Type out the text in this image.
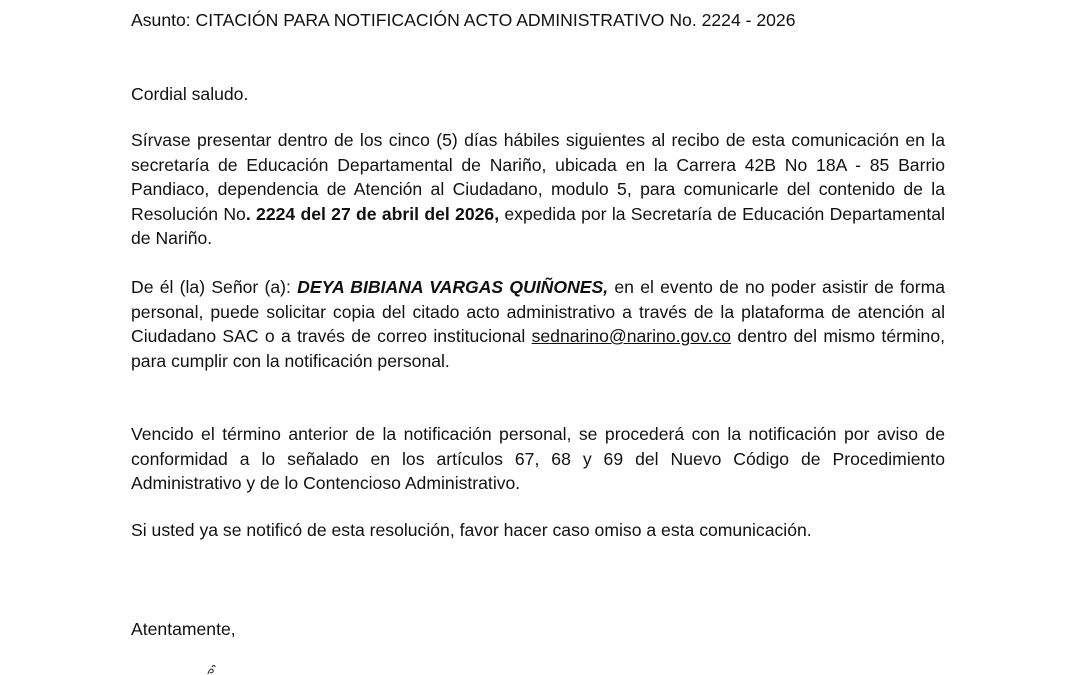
Asunto: CITACIÓN PARA NOTIFICACIÓN ACTO ADMINISTRATIVO No. 2224 - 2026
Cordial saludo.

Sírvase presentar dentro de los cinco (5) días hábiles siguientes al recibo de esta comunicación en la secretaría de Educación Departamental de Nariño, ubicada en la Carrera 42B No 18A - 85 Barrio Pandiaco, dependencia de Atención al Ciudadano, modulo 5, para comunicarle del contenido de la Resolución No. 2224 del 27 de abril del 2026, expedida por la Secretaría de Educación Departamental de Nariño.

De él (la) Señor (a): DEYA BIBIANA VARGAS QUIÑONES, en el evento de no poder asistir de forma personal, puede solicitar copia del citado acto administrativo a través de la plataforma de atención al Ciudadano SAC o a través de correo institucional sednarino@narino.gov.co dentro del mismo término, para cumplir con la notificación personal.

Vencido el término anterior de la notificación personal, se procederá con la notificación por aviso de conformidad a lo señalado en los artículos 67, 68 y 69 del Nuevo Código de Procedimiento Administrativo y de lo Contencioso Administrativo.

Si usted ya se notificó de esta resolución, favor hacer caso omiso a esta comunicación.

Atentamente,
